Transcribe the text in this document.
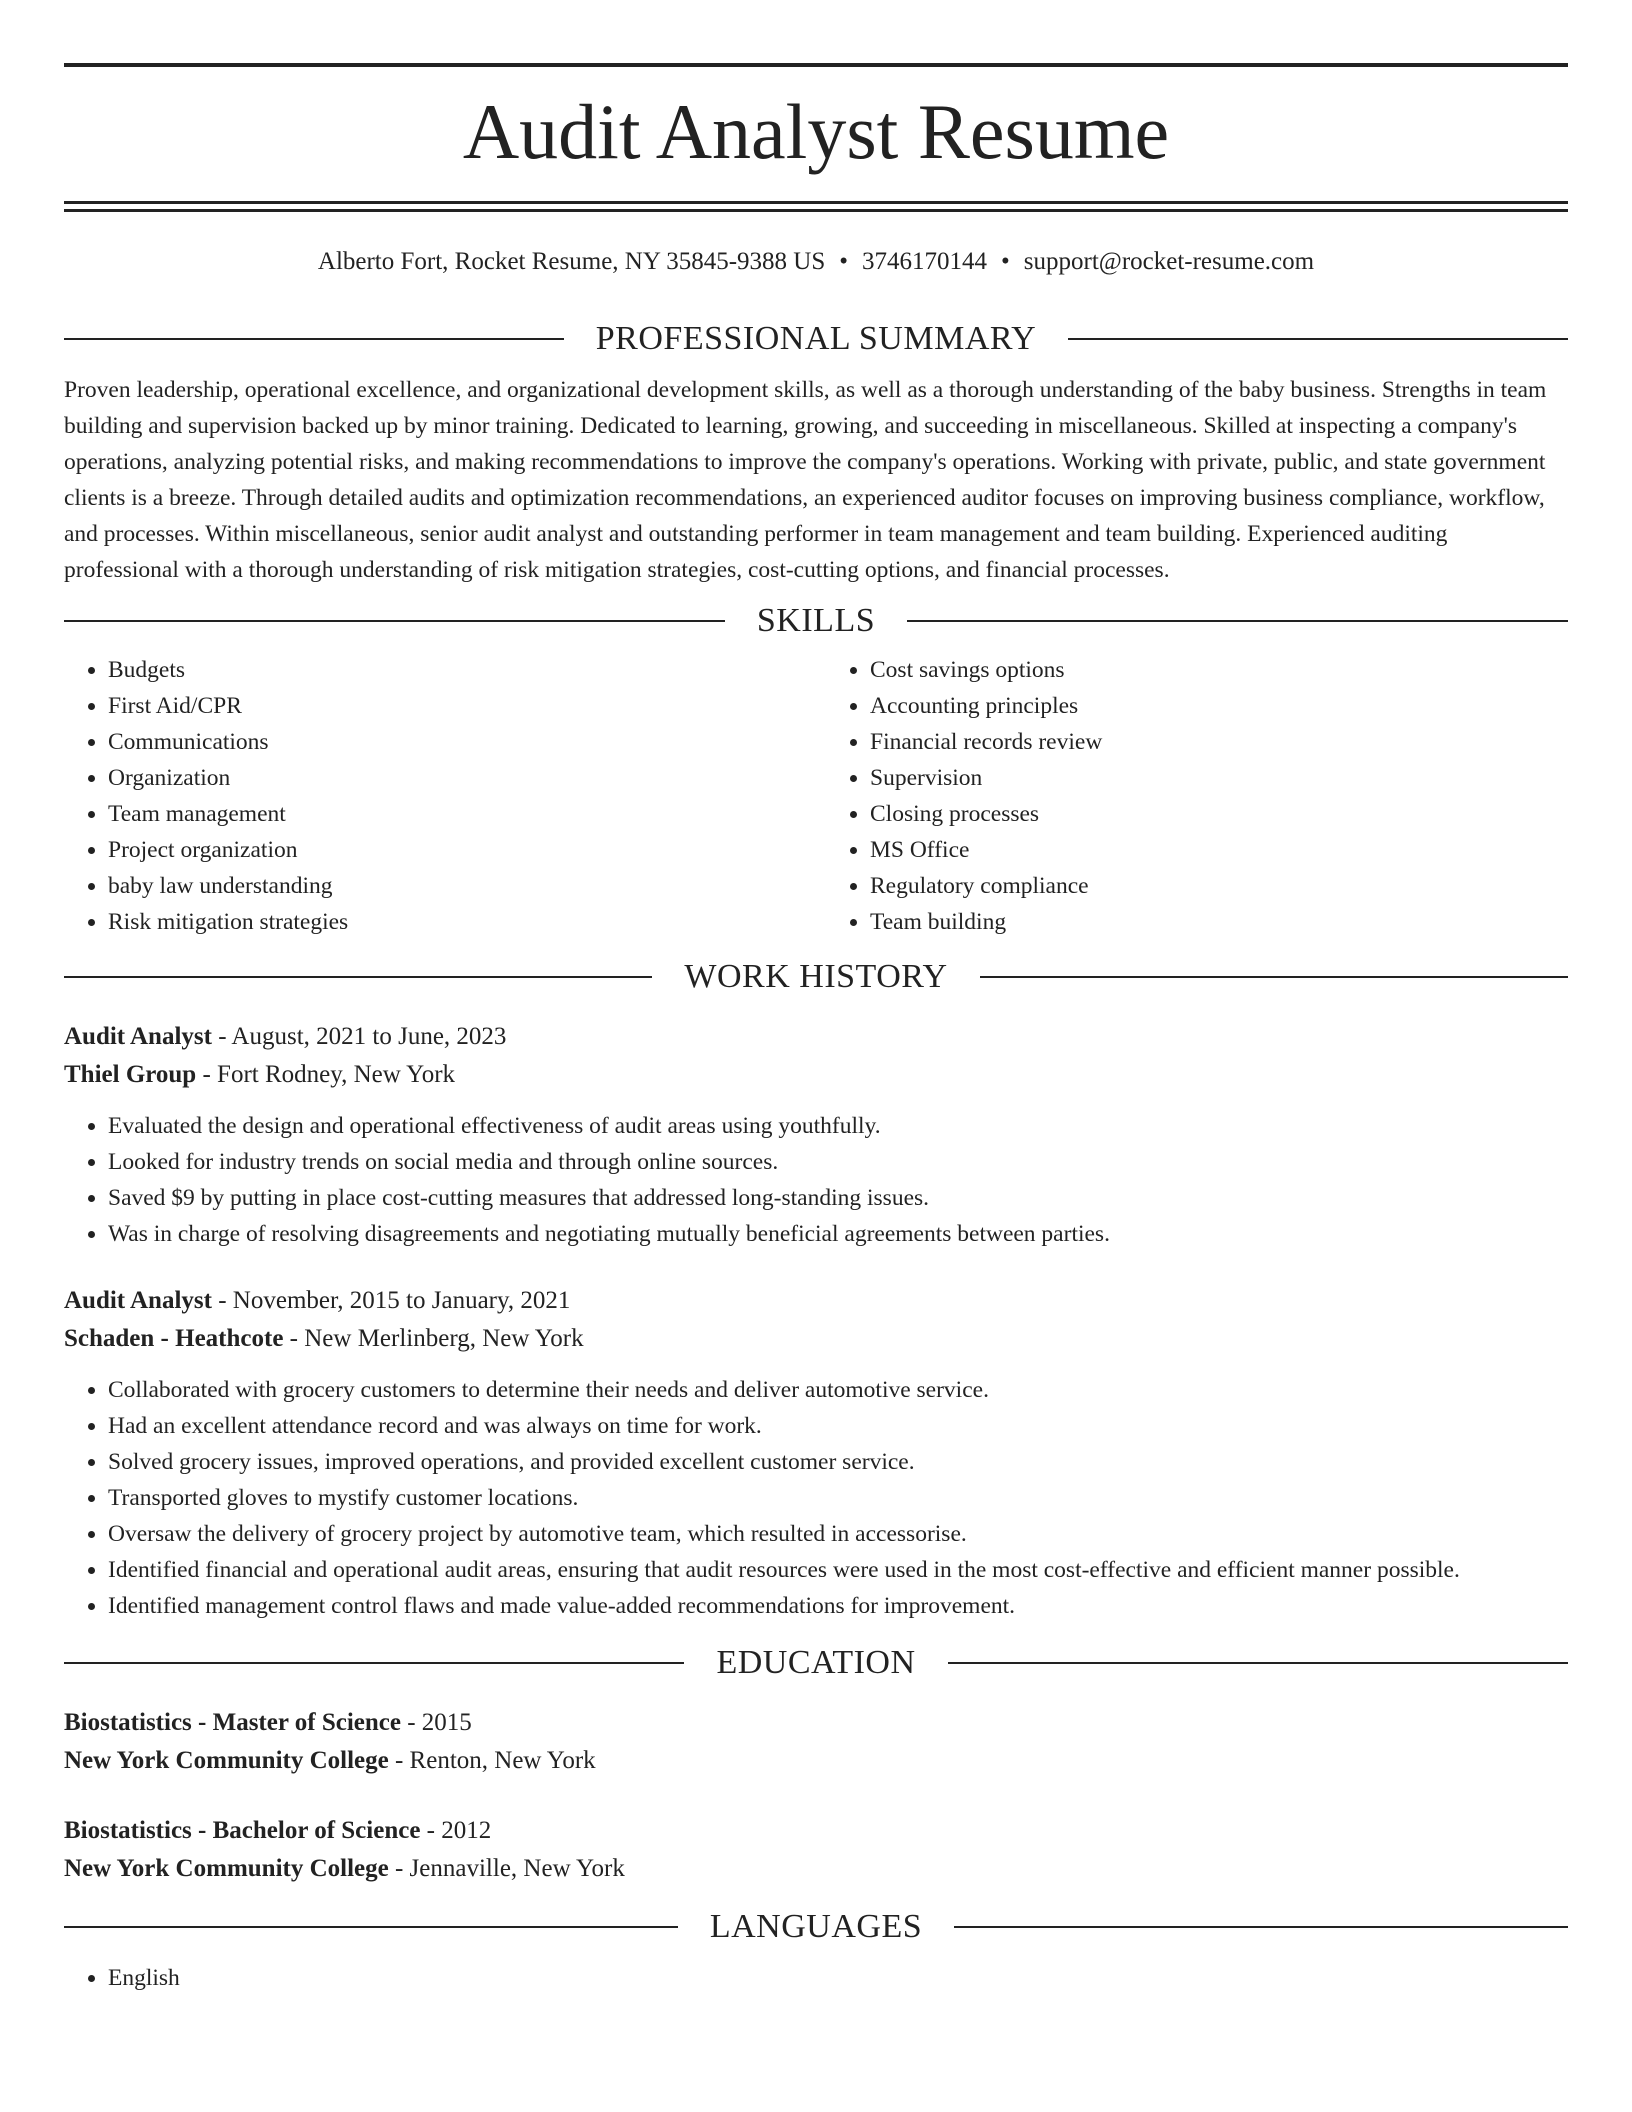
Audit Analyst Resume
Alberto Fort, Rocket Resume, NY 35845-9388 US • 3746170144 • support@rocket-resume.com
PROFESSIONAL SUMMARY

Proven leadership, operational excellence, and organizational development skills, as well as a thorough understanding of the baby business. Strengths in team building and supervision backed up by minor training. Dedicated to learning, growing, and succeeding in miscellaneous. Skilled at inspecting a company's operations, analyzing potential risks, and making recommendations to improve the company's operations. Working with private, public, and state government clients is a breeze. Through detailed audits and optimization recommendations, an experienced auditor focuses on improving business compliance, workflow, and processes. Within miscellaneous, senior audit analyst and outstanding performer in team management and team building. Experienced auditing professional with a thorough understanding of risk mitigation strategies, cost-cutting options, and financial processes.

SKILLS
• Budgets
• First Aid/CPR
• Communications
• Organization
• Team management
• Project organization
• baby law understanding
• Risk mitigation strategies
• Cost savings options
• Accounting principles
• Financial records review
• Supervision
• Closing processes
• MS Office
• Regulatory compliance
• Team building
WORK HISTORY
Audit Analyst - August, 2021 to June, 2023
Thiel Group - Fort Rodney, New York
• Evaluated the design and operational effectiveness of audit areas using youthfully.
• Looked for industry trends on social media and through online sources.
• Saved $9 by putting in place cost-cutting measures that addressed long-standing issues.
• Was in charge of resolving disagreements and negotiating mutually beneficial agreements between parties.
Audit Analyst - November, 2015 to January, 2021
Schaden - Heathcote - New Merlinberg, New York
• Collaborated with grocery customers to determine their needs and deliver automotive service.
• Had an excellent attendance record and was always on time for work.
• Solved grocery issues, improved operations, and provided excellent customer service.
• Transported gloves to mystify customer locations.
• Oversaw the delivery of grocery project by automotive team, which resulted in accessorise.
• Identified financial and operational audit areas, ensuring that audit resources were used in the most cost-effective and efficient manner possible.
• Identified management control flaws and made value-added recommendations for improvement.
EDUCATION
Biostatistics - Master of Science - 2015
New York Community College - Renton, New York
Biostatistics - Bachelor of Science - 2012
New York Community College - Jennaville, New York
LANGUAGES
• English
